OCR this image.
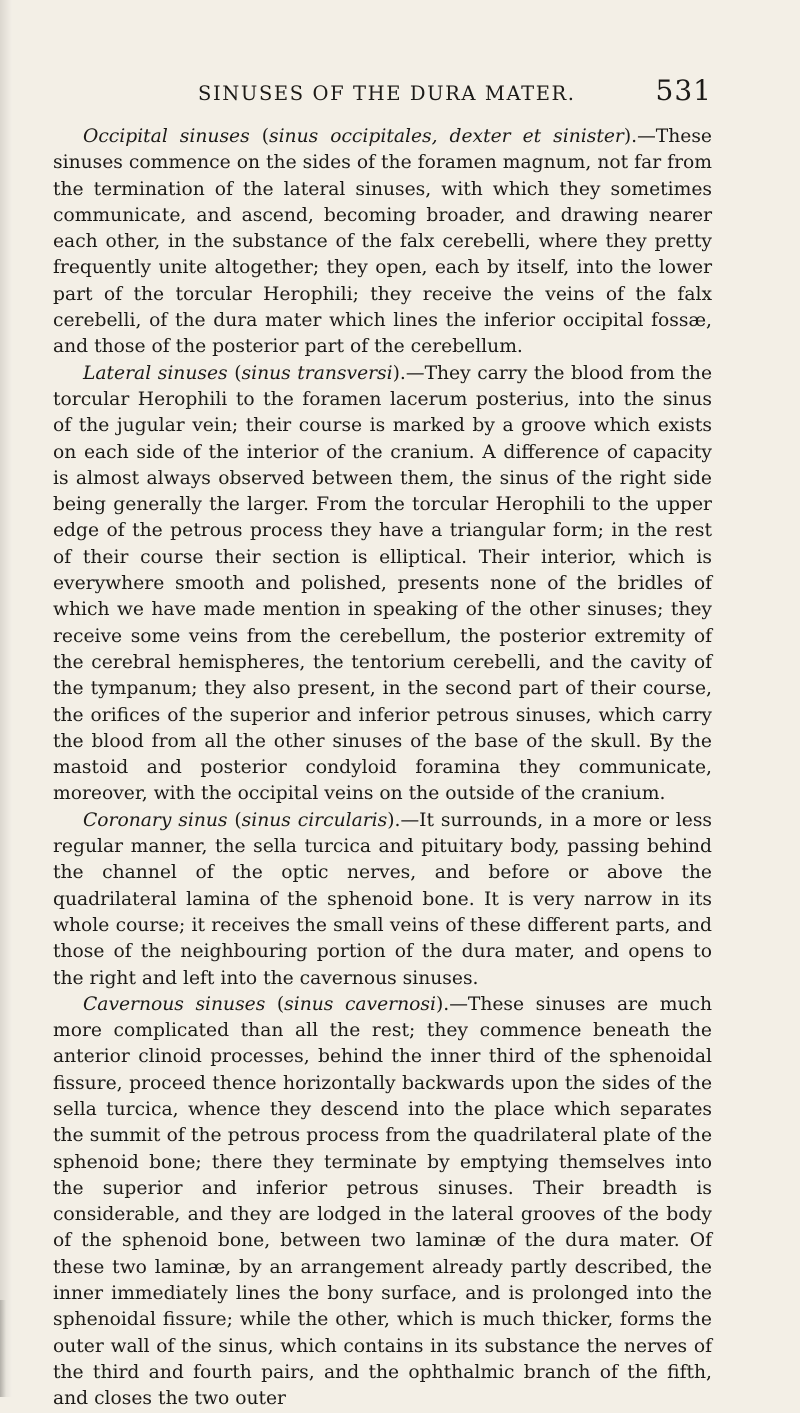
SINUSES OF THE DURA MATER.	531

Occipital sinuses (sinus occipitales, dexter et sinister).—These sinuses commence on the sides of the foramen magnum, not far from the termination of the lateral sinuses, with which they sometimes communicate, and ascend, becoming broader, and drawing nearer each other, in the substance of the falx cerebelli, where they pretty frequently unite altogether; they open, each by itself, into the lower part of the torcular Herophili; they receive the veins of the falx cerebelli, of the dura mater which lines the inferior occipital fossæ, and those of the posterior part of the cerebellum.

Lateral sinuses (sinus transversi).—They carry the blood from the torcular Herophili to the foramen lacerum posterius, into the sinus of the jugular vein; their course is marked by a groove which exists on each side of the interior of the cranium. A difference of capacity is almost always observed between them, the sinus of the right side being generally the larger. From the torcular Herophili to the upper edge of the petrous process they have a triangular form; in the rest of their course their section is elliptical. Their interior, which is everywhere smooth and polished, presents none of the bridles of which we have made mention in speaking of the other sinuses; they receive some veins from the cerebellum, the posterior extremity of the cerebral hemispheres, the tentorium cerebelli, and the cavity of the tympanum; they also present, in the second part of their course, the orifices of the superior and inferior petrous sinuses, which carry the blood from all the other sinuses of the base of the skull. By the mastoid and posterior condyloid foramina they communicate, moreover, with the occipital veins on the outside of the cranium.

Coronary sinus (sinus circularis).—It surrounds, in a more or less regular manner, the sella turcica and pituitary body, passing behind the channel of the optic nerves, and before or above the quadrilateral lamina of the sphenoid bone. It is very narrow in its whole course; it receives the small veins of these different parts, and those of the neighbouring portion of the dura mater, and opens to the right and left into the cavernous sinuses.

Cavernous sinuses (sinus cavernosi).—These sinuses are much more complicated than all the rest; they commence beneath the anterior clinoid processes, behind the inner third of the sphenoidal fissure, proceed thence horizontally backwards upon the sides of the sella turcica, whence they descend into the place which separates the summit of the petrous process from the quadrilateral plate of the sphenoid bone; there they terminate by emptying themselves into the superior and inferior petrous sinuses. Their breadth is considerable, and they are lodged in the lateral grooves of the body of the sphenoid bone, between two laminæ of the dura mater. Of these two laminæ, by an arrangement already partly described, the inner immediately lines the bony surface, and is prolonged into the sphenoidal fissure; while the other, which is much thicker, forms the outer wall of the sinus, which contains in its substance the nerves of the third and fourth pairs, and the ophthalmic branch of the fifth, and closes the two outer
